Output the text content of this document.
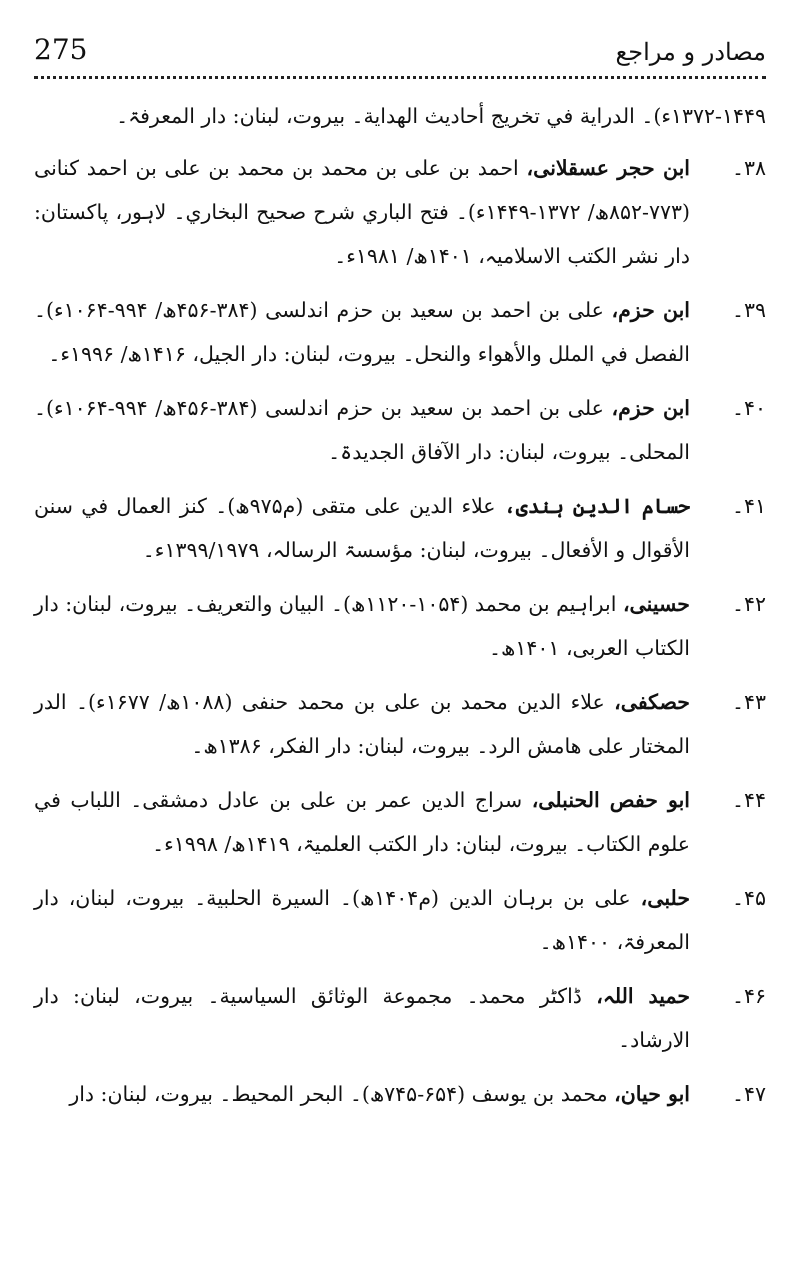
275	مصادر و مراجع
۱۳۷۲-۱۴۴۹ء)۔ الدراية في تخريج أحاديث الهداية۔ بیروت، لبنان: دار المعرفۃ۔
۳۸۔
ابن حجر عسقلانی، احمد بن علی بن محمد بن محمد بن علی بن احمد کنانی (۷۷۳-۸۵۲ھ/ ۱۳۷۲-۱۴۴۹ء)۔ فتح الباري شرح صحيح البخاري۔ لاہور، پاکستان: دار نشر الکتب الاسلامیہ، ۱۴۰۱ھ/ ۱۹۸۱ء۔
۳۹۔
ابن حزم، علی بن احمد بن سعید بن حزم اندلسی (۳۸۴-۴۵۶ھ/ ۹۹۴-۱۰۶۴ء)۔ الفصل في الملل والأهواء والنحل۔ بیروت، لبنان: دار الجیل، ۱۴۱۶ھ/ ۱۹۹۶ء۔
۴۰۔
ابن حزم، علی بن احمد بن سعید بن حزم اندلسی (۳۸۴-۴۵۶ھ/ ۹۹۴-۱۰۶۴ء)۔ المحلی۔ بیروت، لبنان: دار الآفاق الجدیدۃ۔
۴۱۔
حسام الدین ہندی، علاء الدین علی متقی (م۹۷۵ھ)۔ کنز العمال في سنن الأقوال و الأفعال۔ بیروت، لبنان: مؤسسۃ الرسالہ، ۱۳۹۹/۱۹۷۹ء۔
۴۲۔
حسینی، ابراہیم بن محمد (۱۰۵۴-۱۱۲۰ھ)۔ البيان والتعريف۔ بیروت، لبنان: دار الکتاب العربی، ۱۴۰۱ھ۔
۴۳۔
حصکفی، علاء الدین محمد بن علی بن محمد حنفی (۱۰۸۸ھ/ ۱۶۷۷ء)۔ الدر المختار علی هامش الرد۔ بیروت، لبنان: دار الفکر، ۱۳۸۶ھ۔
۴۴۔
ابو حفص الحنبلی، سراج الدین عمر بن علی بن عادل دمشقی۔ اللباب في علوم الکتاب۔ بیروت، لبنان: دار الکتب العلمیۃ، ۱۴۱۹ھ/ ۱۹۹۸ء۔
۴۵۔
حلبی، علی بن برہان الدین (م۱۴۰۴ھ)۔ السیرة الحلبية۔ بیروت، لبنان، دار المعرفۃ، ۱۴۰۰ھ۔
۴۶۔
حمید اللہ، ڈاکٹر محمد۔ مجموعة الوثائق السياسية۔ بیروت، لبنان: دار الارشاد۔
۴۷۔
ابو حیان، محمد بن یوسف (۶۵۴-۷۴۵ھ)۔ البحر المحيط۔ بیروت، لبنان: دار
